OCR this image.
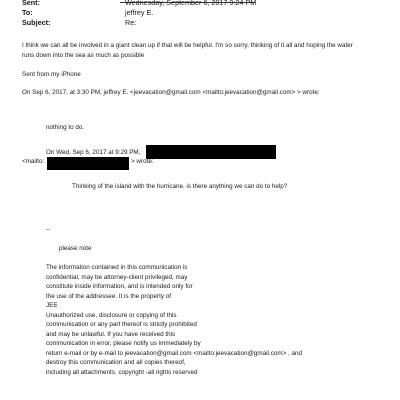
Sent:	Wednesday, September 6, 2017 9:24 PM
To:	jeffrey E.
Subject:	Re:
I think we can all be involved in a giant clean up if that will be helpful. I'm so sorry, thinking of it all and hoping the water
runs down into the sea as much as possible
Sent from my iPhone
On Sep 6, 2017, at 3:30 PM, jeffrey E. <jeevacation@gmail.com <mailto:jeevacation@gmail.com> > wrote:
nothing to do.
On Wed, Sep 6, 2017 at 9:29 PM,
<mailto:	> wrote:
Thinking of the island with the hurricane. is there anything we can do to help?
--
please note
The information contained in this communication is
confidential, may be attorney-client privileged, may
constitute inside information, and is intended only for
the use of the addressee. It is the property of
JEE
Unauthorized use, disclosure or copying of this
communication or any part thereof is strictly prohibited
and may be unlawful. If you have received this
communication in error, please notify us immediately by
return e-mail or by e-mail to jeevacation@gmail.com <mailto:jeevacation@gmail.com> , and
destroy this communication and all copies thereof,
including all attachments. copyright -all rights reserved
